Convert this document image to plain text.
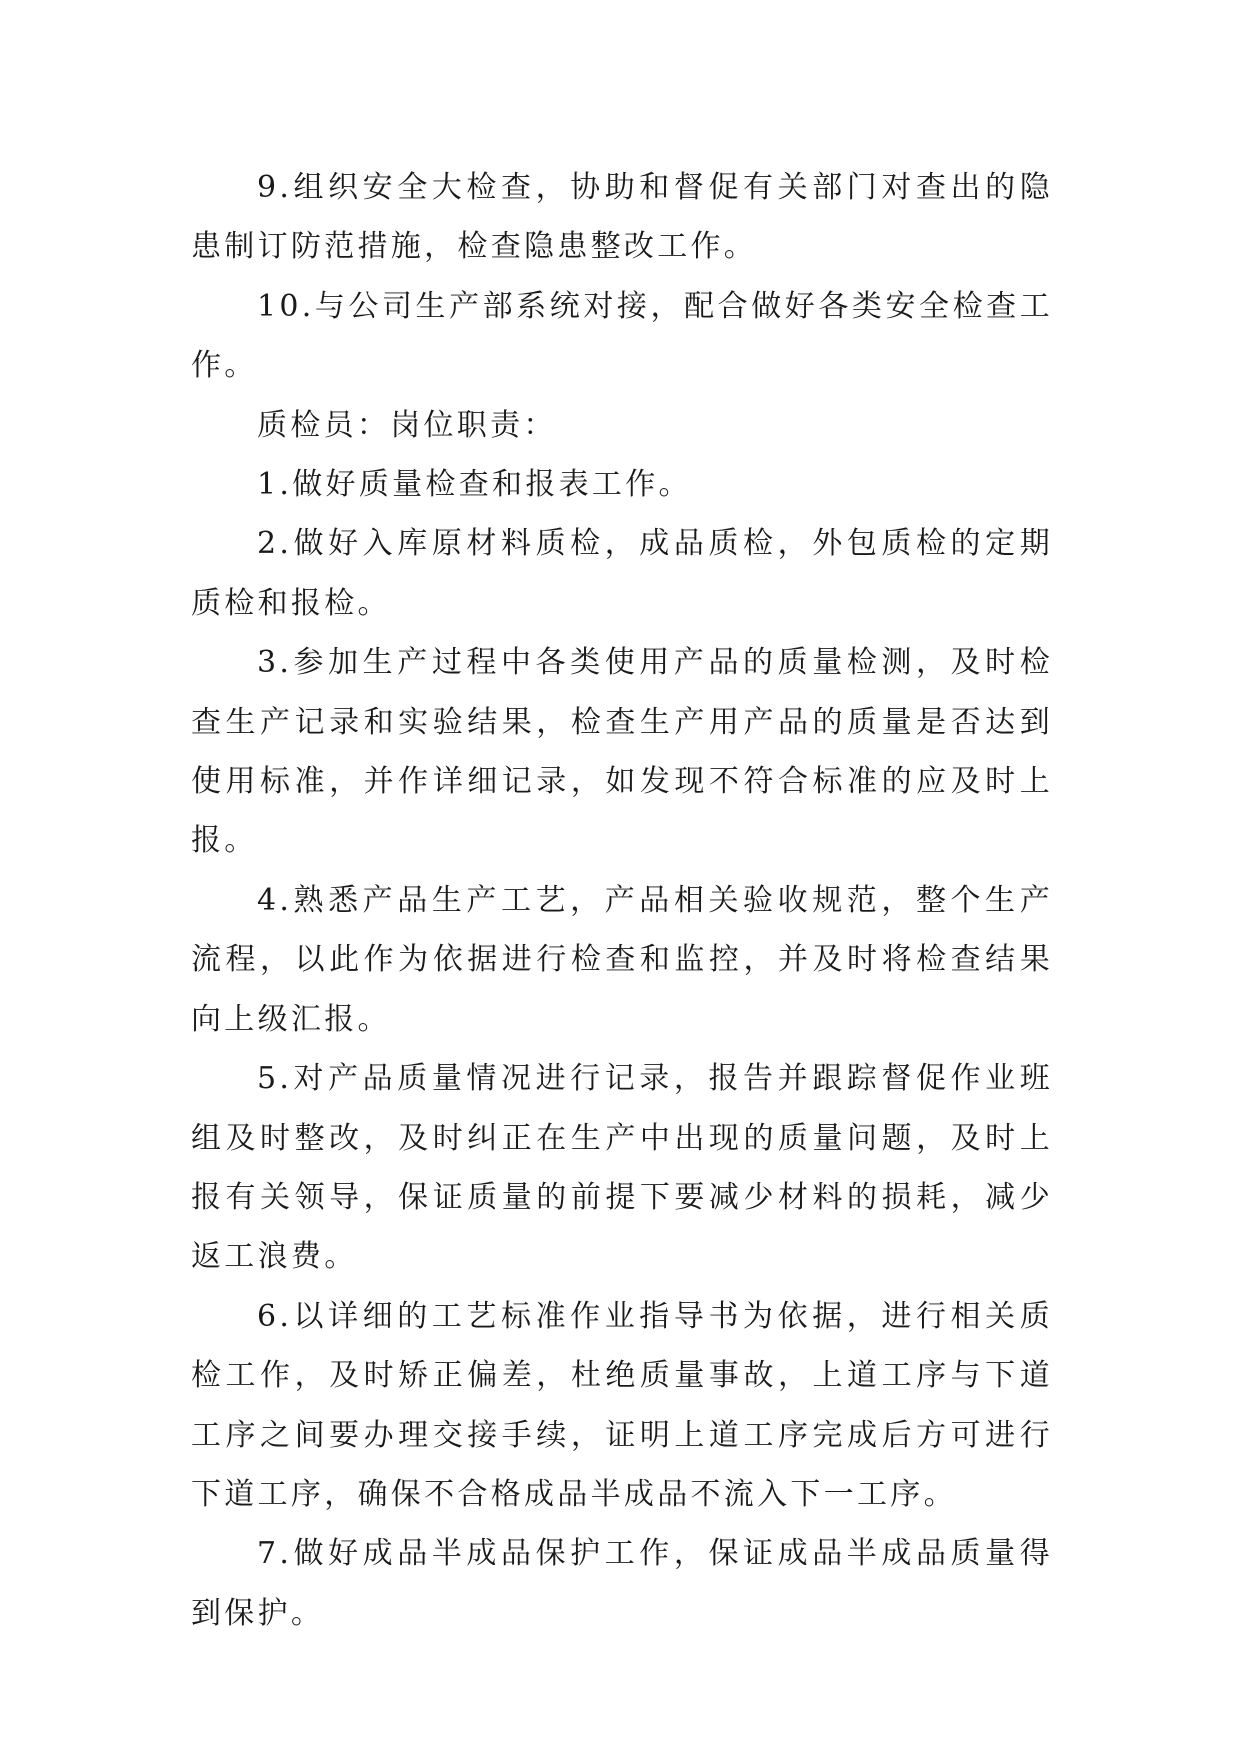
9.组织安全大检查，协助和督促有关部门对查出的隐患制订防范措施，检查隐患整改工作。

10.与公司生产部系统对接，配合做好各类安全检查工作。

质检员：岗位职责：

1.做好质量检查和报表工作。

2.做好入库原材料质检，成品质检，外包质检的定期质检和报检。

3.参加生产过程中各类使用产品的质量检测，及时检查生产记录和实验结果，检查生产用产品的质量是否达到使用标准，并作详细记录，如发现不符合标准的应及时上报。

4.熟悉产品生产工艺，产品相关验收规范，整个生产流程，以此作为依据进行检查和监控，并及时将检查结果向上级汇报。

5.对产品质量情况进行记录，报告并跟踪督促作业班组及时整改，及时纠正在生产中出现的质量问题，及时上报有关领导，保证质量的前提下要减少材料的损耗，减少返工浪费。

6.以详细的工艺标准作业指导书为依据，进行相关质检工作，及时矫正偏差，杜绝质量事故，上道工序与下道工序之间要办理交接手续，证明上道工序完成后方可进行下道工序，确保不合格成品半成品不流入下一工序。

7.做好成品半成品保护工作，保证成品半成品质量得到保护。
